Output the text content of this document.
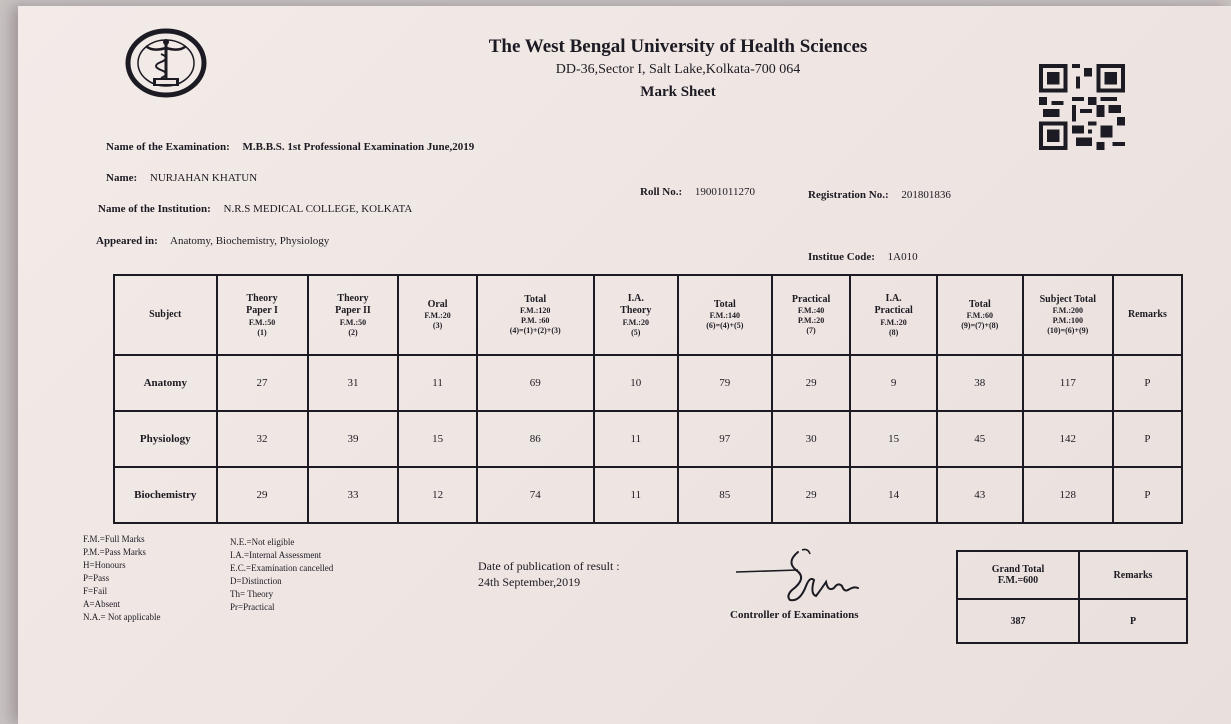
The West Bengal University of Health Sciences
DD-36,Sector I, Salt Lake,Kolkata-700 064
Mark Sheet
Name of the Examination: M.B.B.S. 1st Professional Examination June,2019
Name: NURJAHAN KHATUN
Roll No.: 19001011270	Registration No.: 201801836
Name of the Institution: N.R.S MEDICAL COLLEGE, KOLKATA
Appeared in: Anatomy, Biochemistry, Physiology
Institue Code: 1A010
Subject	Theory
Paper I
F.M.:50
(1)	Theory
Paper II
F.M.:50
(2)	Oral
F.M.:20
(3)	Total
F.M.:120
P.M. :60
(4)=(1)+(2)+(3)	I.A.
Theory
F.M.:20
(5)	Total
F.M.:140
(6)=(4)+(5)	Practical
F.M.:40
P.M.:20
(7)	I.A.
Practical
F.M.:20
(8)	Total
F.M.:60
(9)=(7)+(8)	Subject Total
F.M.:200
P.M.:100
(10)=(6)+(9)	Remarks

Anatomy	27	31	11	69	10	79	29	9	38	117	P
Physiology	32	39	15	86	11	97	30	15	45	142	P
Biochemistry	29	33	12	74	11	85	29	14	43	128	P
F.M.=Full Marks
P.M.=Pass Marks
H=Honours
P=Pass
F=Fail
A=Absent
N.A.= Not applicable
N.E.=Not eligible
I.A.=Internal Assessment
E.C.=Examination cancelled
D=Distinction
Th= Theory
Pr=Practical
Date of publication of result :
24th September,2019
Controller of Examinations
Grand Total
F.M.=600	Remarks
387	P
